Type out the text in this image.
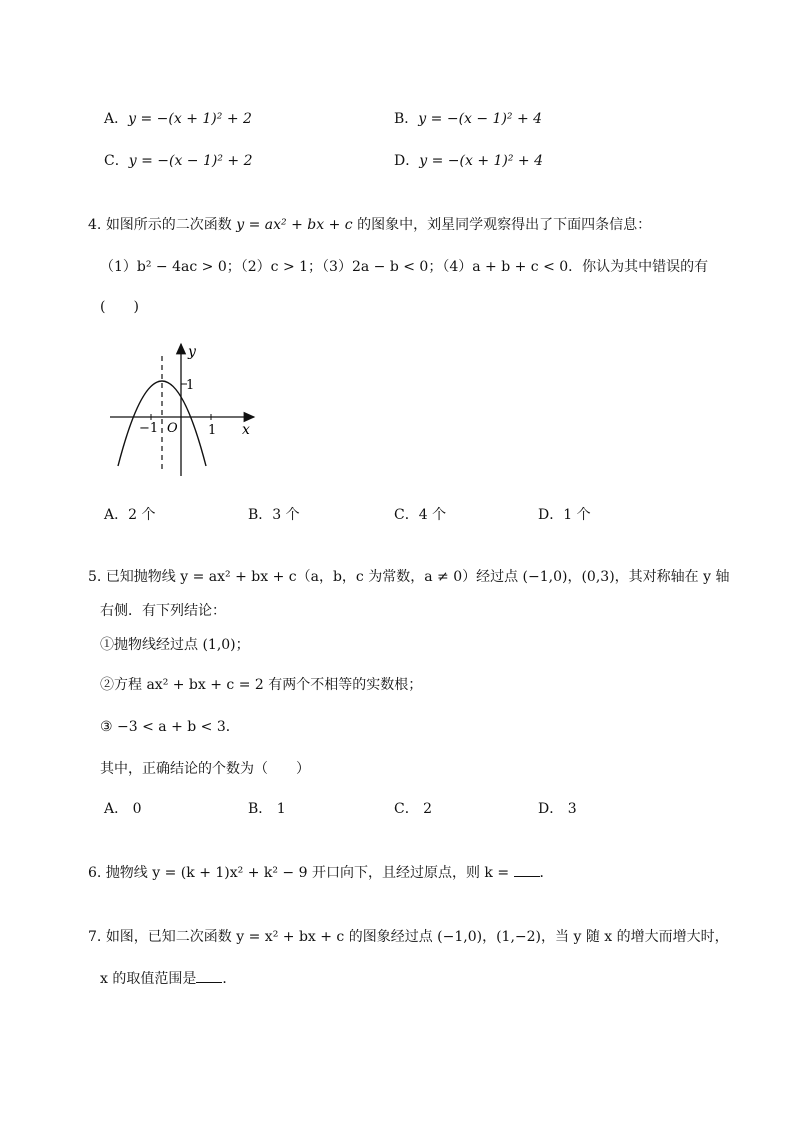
A．y = −(x + 1)² + 2	B．y = −(x − 1)² + 4
C．y = −(x − 1)² + 2	D．y = −(x + 1)² + 4
4. 如图所示的二次函数 y = ax² + bx + c 的图象中，刘星同学观察得出了下面四条信息：
（1）b² − 4ac > 0；（2）c > 1；（3）2a − b < 0；（4）a + b + c < 0．你认为其中错误的有
(　　)
y
x
O
−1	1
1
A．2 个	B．3 个	C．4 个	D．1 个
5. 已知抛物线 y = ax² + bx + c（a，b，c 为常数，a ≠ 0）经过点 (−1,0)，(0,3)，其对称轴在 y 轴
右侧．有下列结论：
①抛物线经过点 (1,0)；
②方程 ax² + bx + c = 2 有两个不相等的实数根；
③ −3 < a + b < 3．
其中，正确结论的个数为（　　）
A． 0	B． 1	C． 2	D． 3
6. 抛物线 y = (k + 1)x² + k² − 9 开口向下，且经过原点，则 k = ．
7. 如图，已知二次函数 y = x² + bx + c 的图象经过点 (−1,0)，(1,−2)，当 y 随 x 的增大而增大时，
x 的取值范围是 ．
